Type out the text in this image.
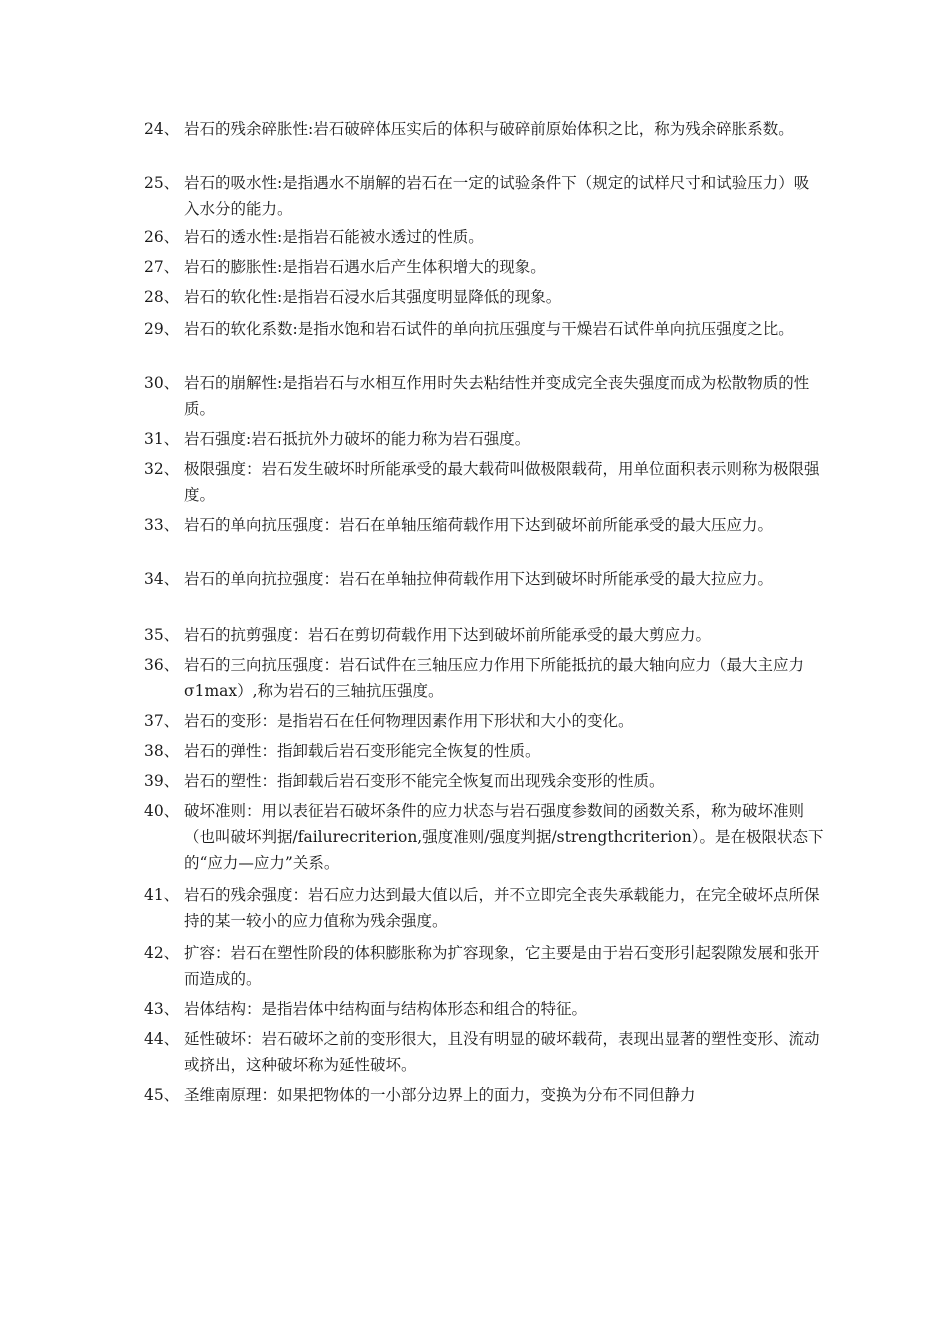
24、 岩石的残余碎胀性:岩石破碎体压实后的体积与破碎前原始体积之比，称为残余碎胀系数。
25、 岩石的吸水性:是指遇水不崩解的岩石在一定的试验条件下（规定的试样尺寸和试验压力）吸入水分的能力。
26、 岩石的透水性:是指岩石能被水透过的性质。
27、 岩石的膨胀性:是指岩石遇水后产生体积增大的现象。
28、 岩石的软化性:是指岩石浸水后其强度明显降低的现象。
29、 岩石的软化系数:是指水饱和岩石试件的单向抗压强度与干燥岩石试件单向抗压强度之比。
30、 岩石的崩解性:是指岩石与水相互作用时失去粘结性并变成完全丧失强度而成为松散物质的性质。
31、 岩石强度:岩石抵抗外力破坏的能力称为岩石强度。
32、 极限强度：岩石发生破坏时所能承受的最大载荷叫做极限载荷，用单位面积表示则称为极限强度。
33、 岩石的单向抗压强度：岩石在单轴压缩荷载作用下达到破坏前所能承受的最大压应力。
34、 岩石的单向抗拉强度：岩石在单轴拉伸荷载作用下达到破坏时所能承受的最大拉应力。
35、 岩石的抗剪强度：岩石在剪切荷载作用下达到破坏前所能承受的最大剪应力。
36、 岩石的三向抗压强度：岩石试件在三轴压应力作用下所能抵抗的最大轴向应力（最大主应力σ1max）,称为岩石的三轴抗压强度。
37、 岩石的变形：是指岩石在任何物理因素作用下形状和大小的变化。
38、 岩石的弹性：指卸载后岩石变形能完全恢复的性质。
39、 岩石的塑性：指卸载后岩石变形不能完全恢复而出现残余变形的性质。
40、 破坏准则：用以表征岩石破坏条件的应力状态与岩石强度参数间的函数关系，称为破坏准则（也叫破坏判据/failurecriterion,强度准则/强度判据/strengthcriterion）。是在极限状态下的“应力—应力”关系。
41、 岩石的残余强度：岩石应力达到最大值以后，并不立即完全丧失承载能力，在完全破坏点所保持的某一较小的应力值称为残余强度。
42、 扩容：岩石在塑性阶段的体积膨胀称为扩容现象，它主要是由于岩石变形引起裂隙发展和张开而造成的。
43、 岩体结构：是指岩体中结构面与结构体形态和组合的特征。
44、 延性破坏：岩石破坏之前的变形很大，且没有明显的破坏载荷，表现出显著的塑性变形、流动或挤出，这种破坏称为延性破坏。
45、 圣维南原理：如果把物体的一小部分边界上的面力，变换为分布不同但静力
